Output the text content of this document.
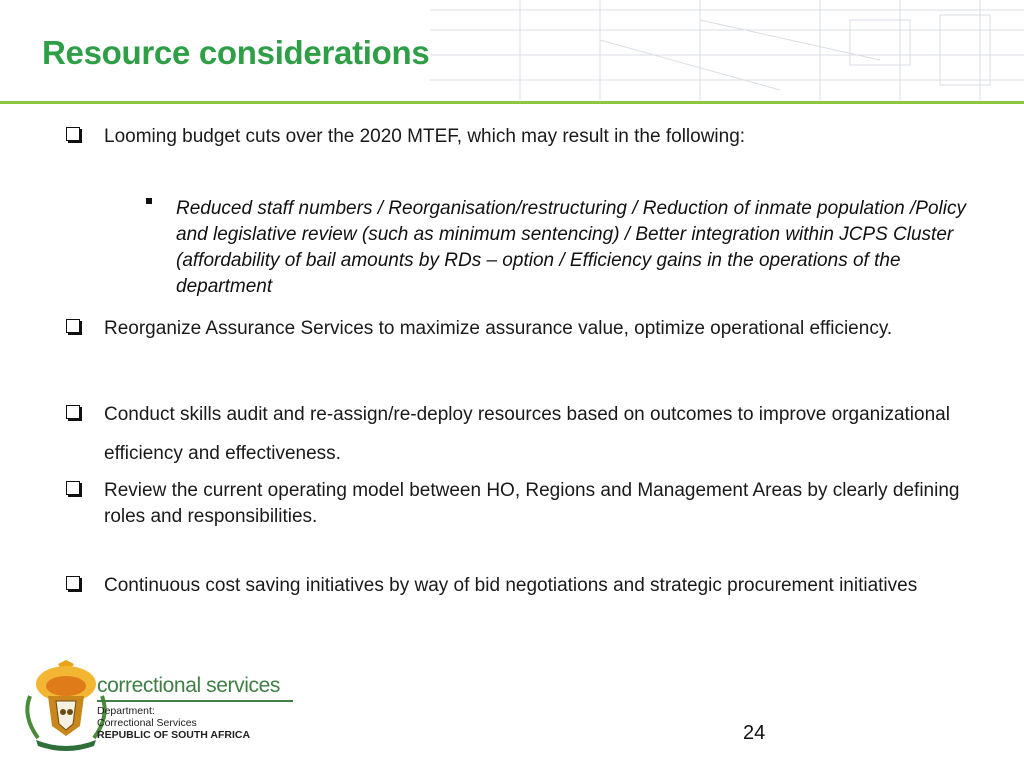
Resource considerations
Looming budget cuts over the 2020 MTEF, which may result in the following:
Reduced staff numbers / Reorganisation/restructuring / Reduction of inmate population /Policy and legislative review (such as minimum sentencing) / Better integration within JCPS Cluster (affordability of bail amounts by RDs – option / Efficiency gains in the operations of the department
Reorganize Assurance Services to maximize assurance value, optimize operational efficiency.
Conduct skills audit and re-assign/re-deploy resources based on outcomes to improve organizational efficiency and effectiveness.
Review the current operating model between HO, Regions and Management Areas by clearly defining roles and responsibilities.
Continuous cost saving initiatives by way of bid negotiations and strategic procurement initiatives
correctional services
Department:
Correctional Services
REPUBLIC OF SOUTH AFRICA	24
